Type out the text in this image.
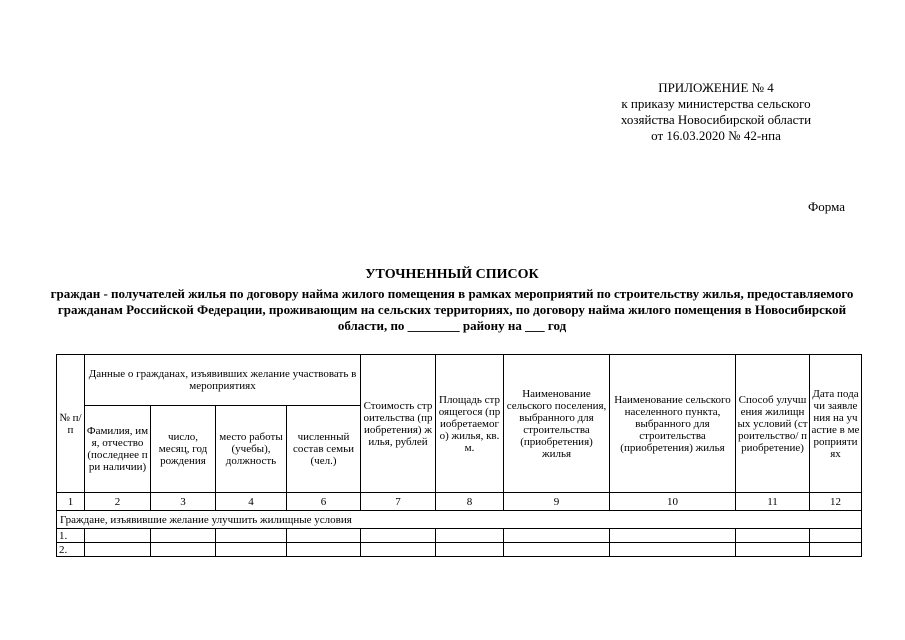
ПРИЛОЖЕНИЕ № 4
к приказу министерства сельского
хозяйства Новосибирской области
от 16.03.2020 № 42-нпа
Форма
УТОЧНЕННЫЙ СПИСОК
граждан - получателей жилья по договору найма жилого помещения в рамках мероприятий по строительству жилья, предоставляемого гражданам Российской Федерации, проживающим на сельских территориях, по договору найма жилого помещения в Новосибирской области, по ________ району на ___ год
№ п/п	Данные о гражданах, изъявивших желание участвовать в мероприятиях				Стоимость строительства (приобретения) жилья, рублей	Площадь строящегося (приобретаемого) жилья, кв. м.	Наименование сельского поселения, выбранного для строительства (приобретения) жилья	Наименование сельского населенного пункта, выбранного для строительства (приобретения) жилья	Способ улучшения жилищных условий (строительство/ приобретение)	Дата подачи заявления на участие в мероприятиях
	Фамилия, имя, отчество (последнее при наличии)	число, месяц, год рождения	место работы (учебы), должность	численный состав семьи (чел.)						
1	2	3	4	6	7	8	9	10	11	12
Граждане, изъявившие желание улучшить жилищные условия										
1.										
2.										
